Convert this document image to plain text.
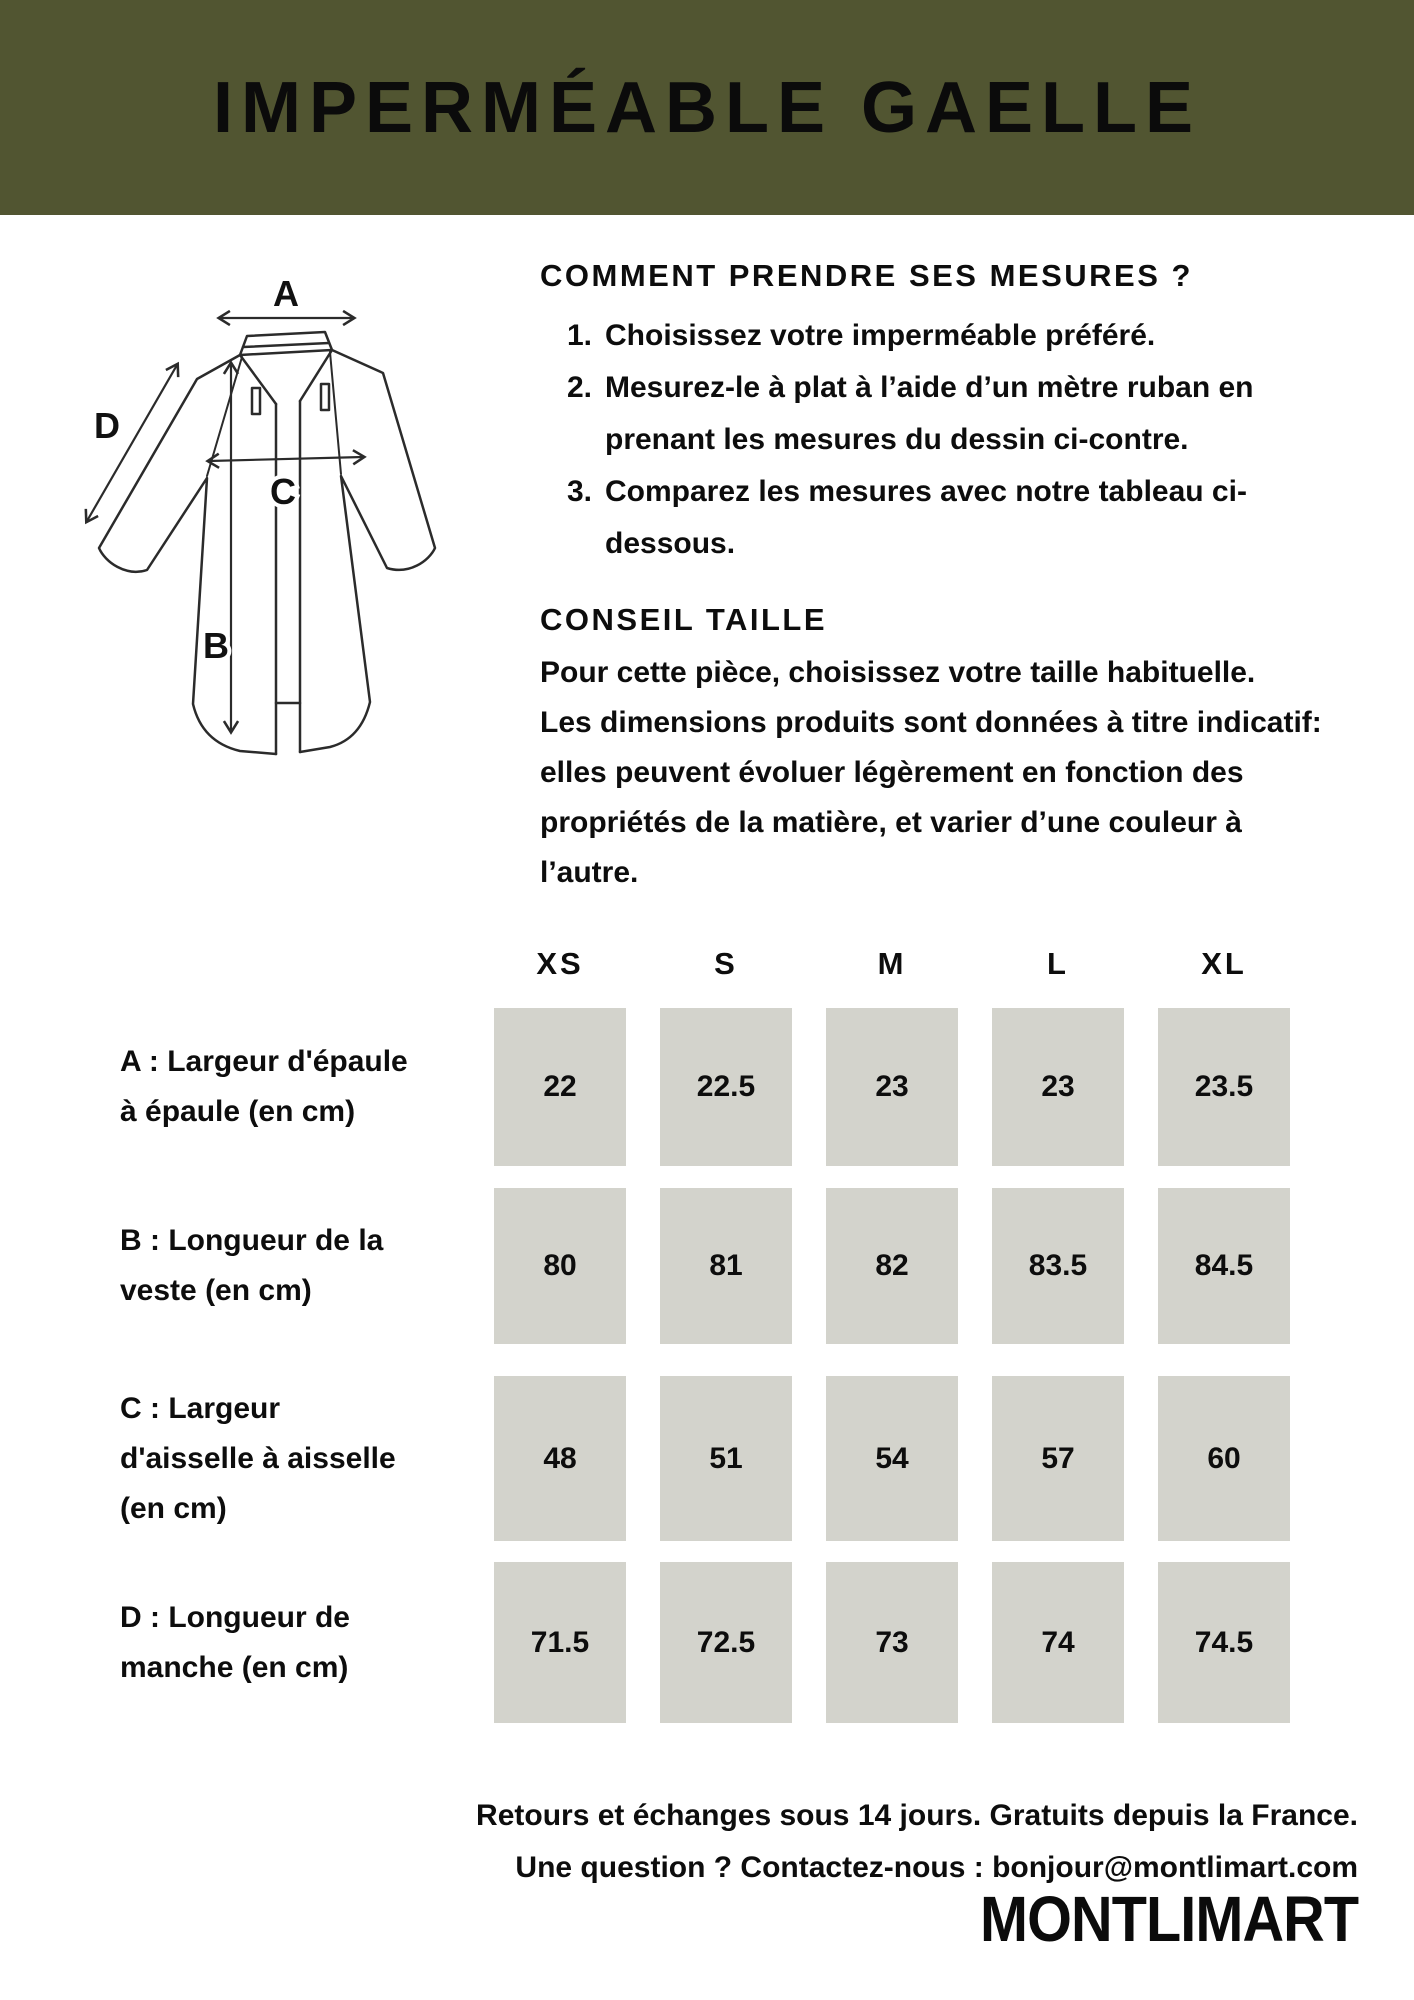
IMPERMÉABLE GAELLE
A
D
C
B
COMMENT PRENDRE SES MESURES ?
1. Choisissez votre imperméable préféré.
2. Mesurez-le à plat à l’aide d’un mètre ruban en
prenant les mesures du dessin ci-contre.
3. Comparez les mesures avec notre tableau ci-
dessous.
CONSEIL TAILLE

Pour cette pièce, choisissez votre taille habituelle.

Les dimensions produits sont données à titre indicatif:

elles peuvent évoluer légèrement en fonction des

propriétés de la matière, et varier d’une couleur à

l’autre.

XS	S	M	L	XL
A : Largeur d'épaule
à épaule (en cm)
22	22.5	23	23	23.5
B : Longueur de la
veste (en cm)
80	81	82	83.5	84.5
C : Largeur
d'aisselle à aisselle
(en cm)
48	51	54	57	60
D : Longueur de
manche (en cm)
71.5	72.5	73	74	74.5
Retours et échanges sous 14 jours. Gratuits depuis la France.
Une question ? Contactez-nous : bonjour@montlimart.com
MONTLIMART
